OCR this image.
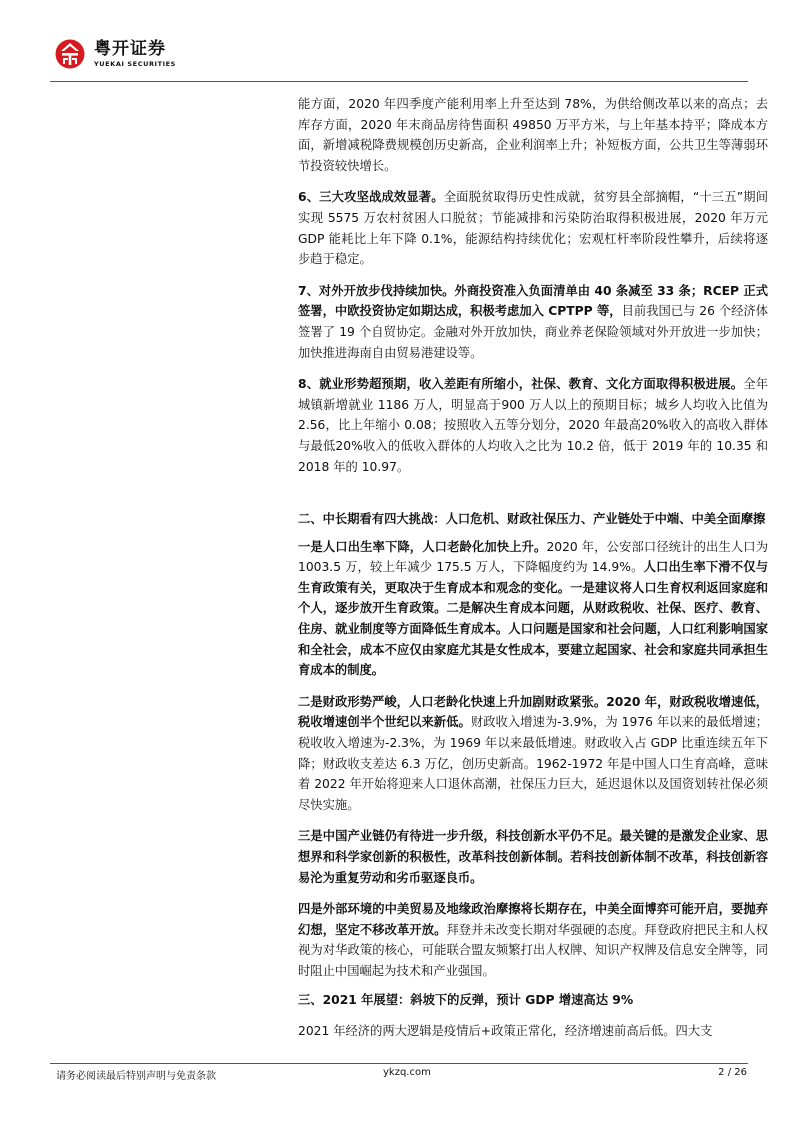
粤开证券
YUEKAI SECURITIES

能方面，2020 年四季度产能利用率上升至达到 78%，为供给侧改革以来的高点；去库存方面，2020 年末商品房待售面积 49850 万平方米，与上年基本持平；降成本方面，新增减税降费规模创历史新高，企业利润率上升；补短板方面，公共卫生等薄弱环节投资较快增长。

6、三大攻坚战成效显著。全面脱贫取得历史性成就，贫穷县全部摘帽，“十三五”期间实现 5575 万农村贫困人口脱贫；节能减排和污染防治取得积极进展，2020 年万元 GDP 能耗比上年下降 0.1%，能源结构持续优化；宏观杠杆率阶段性攀升，后续将逐步趋于稳定。

7、对外开放步伐持续加快。外商投资准入负面清单由 40 条减至 33 条；RCEP 正式签署，中欧投资协定如期达成，积极考虑加入 CPTPP 等，目前我国已与 26 个经济体签署了 19 个自贸协定。金融对外开放加快，商业养老保险领域对外开放进一步加快；加快推进海南自由贸易港建设等。

8、就业形势超预期，收入差距有所缩小，社保、教育、文化方面取得积极进展。全年城镇新增就业 1186 万人，明显高于900 万人以上的预期目标；城乡人均收入比值为 2.56，比上年缩小 0.08；按照收入五等分划分，2020 年最高20%收入的高收入群体与最低20%收入的低收入群体的人均收入之比为 10.2 倍，低于 2019 年的 10.35 和 2018 年的 10.97。

二、中长期看有四大挑战：人口危机、财政社保压力、产业链处于中端、中美全面摩擦

一是人口出生率下降，人口老龄化加快上升。2020 年，公安部口径统计的出生人口为 1003.5 万，较上年减少 175.5 万人，下降幅度约为 14.9%。人口出生率下滑不仅与生育政策有关，更取决于生育成本和观念的变化。一是建议将人口生育权利返回家庭和个人，逐步放开生育政策。二是解决生育成本问题，从财政税收、社保、医疗、教育、住房、就业制度等方面降低生育成本。人口问题是国家和社会问题，人口红利影响国家和全社会，成本不应仅由家庭尤其是女性成本，要建立起国家、社会和家庭共同承担生育成本的制度。

二是财政形势严峻，人口老龄化快速上升加剧财政紧张。2020 年，财政税收增速低，税收增速创半个世纪以来新低。财政收入增速为-3.9%，为 1976 年以来的最低增速；税收收入增速为-2.3%，为 1969 年以来最低增速。财政收入占 GDP 比重连续五年下降；财政收支差达 6.3 万亿，创历史新高。1962-1972 年是中国人口生育高峰，意味着 2022 年开始将迎来人口退休高潮，社保压力巨大，延迟退休以及国资划转社保必须尽快实施。

三是中国产业链仍有待进一步升级，科技创新水平仍不足。最关键的是激发企业家、思想界和科学家创新的积极性，改革科技创新体制。若科技创新体制不改革，科技创新容易沦为重复劳动和劣币驱逐良币。

四是外部环境的中美贸易及地缘政治摩擦将长期存在，中美全面博弈可能开启，要抛弃幻想，坚定不移改革开放。拜登并未改变长期对华强硬的态度。拜登政府把民主和人权视为对华政策的核心，可能联合盟友频繁打出人权牌、知识产权牌及信息安全牌等，同时阻止中国崛起为技术和产业强国。

三、2021 年展望：斜坡下的反弹，预计 GDP 增速高达 9%

2021 年经济的两大逻辑是疫情后+政策正常化，经济增速前高后低。四大支

请务必阅读最后特别声明与免责条款	ykzq.com	2 / 26
